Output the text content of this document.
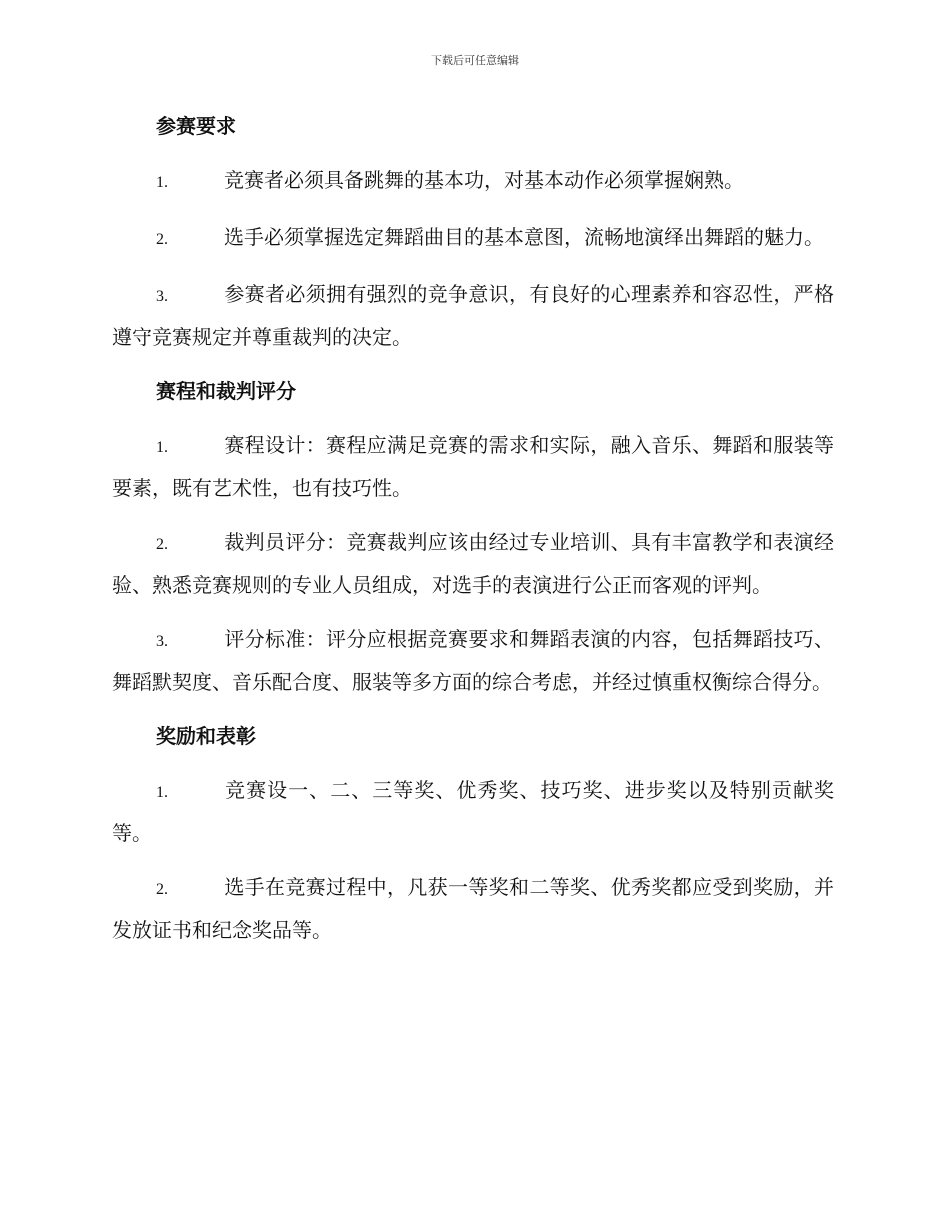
下载后可任意编辑
参赛要求

1.	竞赛者必须具备跳舞的基本功，对基本动作必须掌握娴熟。

2.	选手必须掌握选定舞蹈曲目的基本意图，流畅地演绎出舞蹈的魅力。

3.	参赛者必须拥有强烈的竞争意识，有良好的心理素养和容忍性，严格遵守竞赛规定并尊重裁判的决定。

赛程和裁判评分

1.	赛程设计：赛程应满足竞赛的需求和实际，融入音乐、舞蹈和服装等要素，既有艺术性，也有技巧性。

2.	裁判员评分：竞赛裁判应该由经过专业培训、具有丰富教学和表演经验、熟悉竞赛规则的专业人员组成，对选手的表演进行公正而客观的评判。

3.	评分标准：评分应根据竞赛要求和舞蹈表演的内容，包括舞蹈技巧、舞蹈默契度、音乐配合度、服装等多方面的综合考虑，并经过慎重权衡综合得分。

奖励和表彰

1.	竞赛设一、二、三等奖、优秀奖、技巧奖、进步奖以及特别贡献奖等。

2.	选手在竞赛过程中，凡获一等奖和二等奖、优秀奖都应受到奖励，并发放证书和纪念奖品等。
